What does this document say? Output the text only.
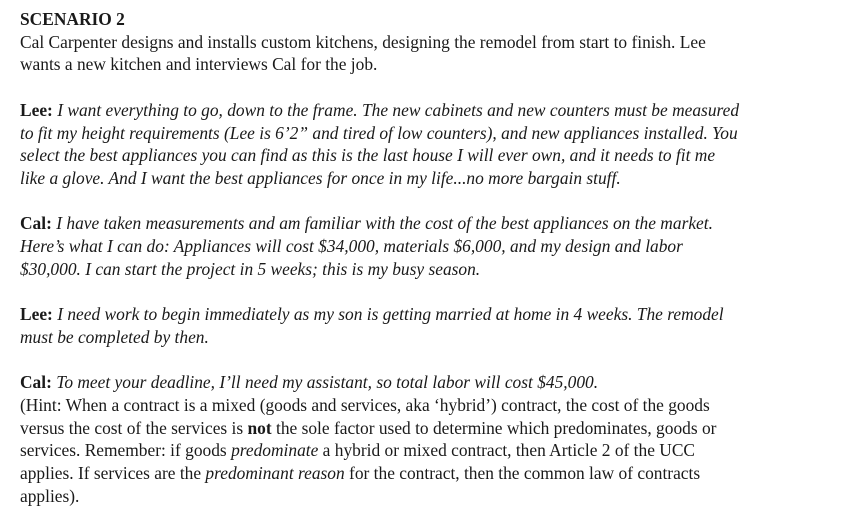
SCENARIO 2

Cal Carpenter designs and installs custom kitchens, designing the remodel from start to finish. Lee
wants a new kitchen and interviews Cal for the job.

Lee: I want everything to go, down to the frame. The new cabinets and new counters must be measured
to fit my height requirements (Lee is 6’2” and tired of low counters), and new appliances installed. You
select the best appliances you can find as this is the last house I will ever own, and it needs to fit me
like a glove. And I want the best appliances for once in my life...no more bargain stuff.

Cal: I have taken measurements and am familiar with the cost of the best appliances on the market.
Here’s what I can do: Appliances will cost $34,000, materials $6,000, and my design and labor
$30,000. I can start the project in 5 weeks; this is my busy season.

Lee: I need work to begin immediately as my son is getting married at home in 4 weeks. The remodel
must be completed by then.

Cal: To meet your deadline, I’ll need my assistant, so total labor will cost $45,000.

(Hint: When a contract is a mixed (goods and services, aka ‘hybrid’) contract, the cost of the goods
versus the cost of the services is not the sole factor used to determine which predominates, goods or
services. Remember: if goods predominate a hybrid or mixed contract, then Article 2 of the UCC
applies. If services are the predominant reason for the contract, then the common law of contracts
applies).
